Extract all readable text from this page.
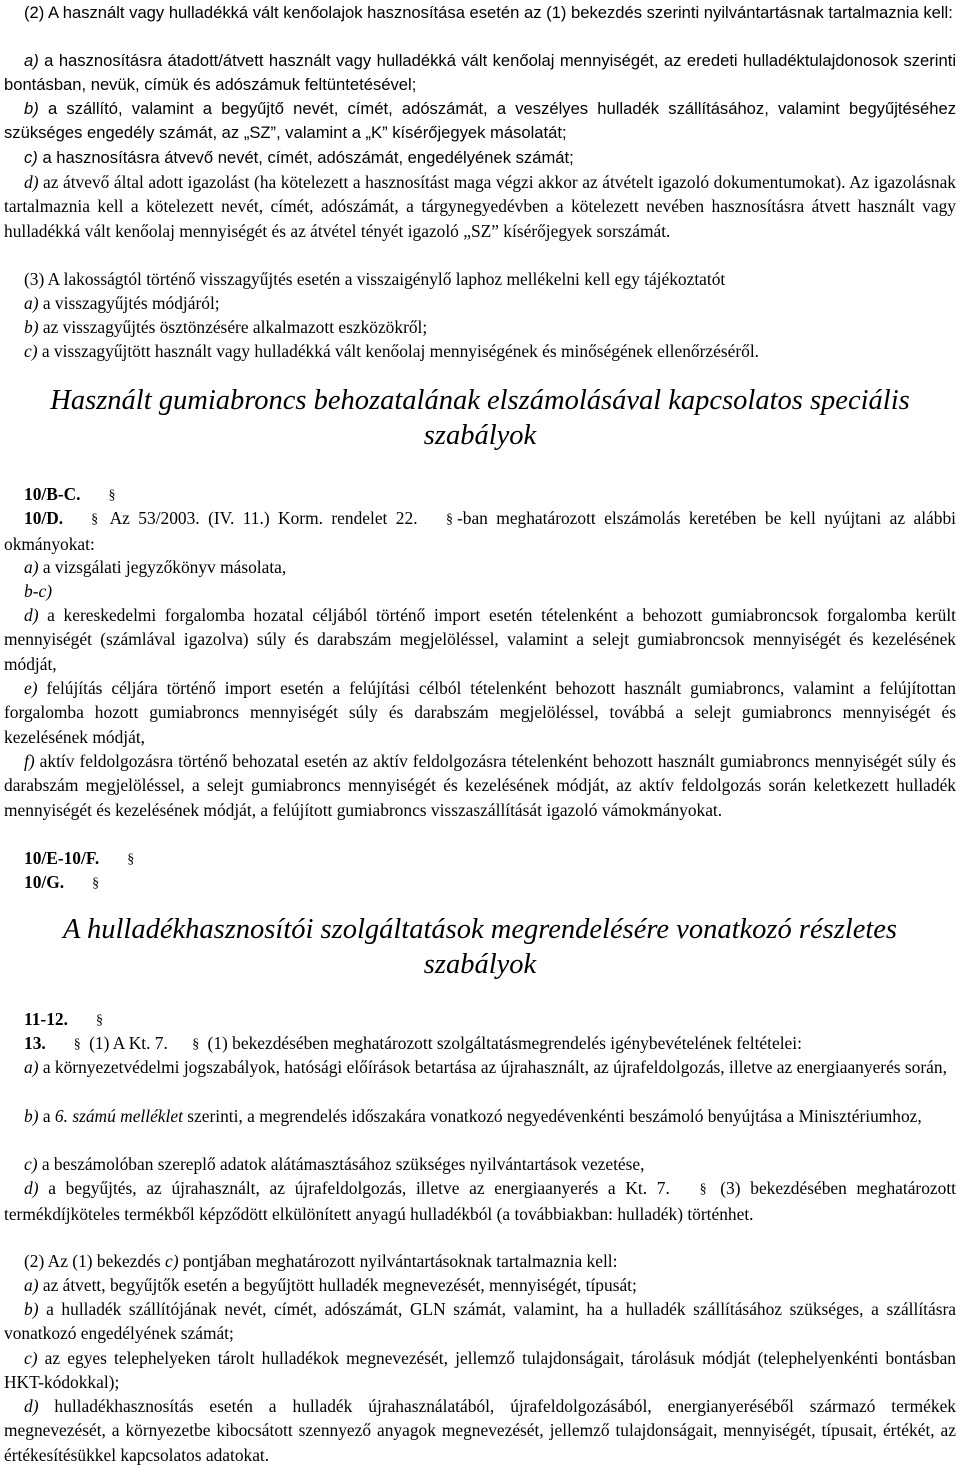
(2) A használt vagy hulladékká vált kenőolajok hasznosítása esetén az (1) bekezdés szerinti nyilvántartásnak tartalmaznia kell:
a) a hasznosításra átadott/átvett használt vagy hulladékká vált kenőolaj mennyiségét, az eredeti hulladéktulajdonosok szerinti bontásban, nevük, címük és adószámuk feltüntetésével;
b) a szállító, valamint a begyűjtő nevét, címét, adószámát, a veszélyes hulladék szállításához, valamint begyűjtéséhez szükséges engedély számát, az „SZ”, valamint a „K” kísérőjegyek másolatát;
c) a hasznosításra átvevő nevét, címét, adószámát, engedélyének számát;
d) az átvevő által adott igazolást (ha kötelezett a hasznosítást maga végzi akkor az átvételt igazoló dokumentumokat). Az igazolásnak tartalmaznia kell a kötelezett nevét, címét, adószámát, a tárgynegyedévben a kötelezett nevében hasznosításra átvett használt vagy hulladékká vált kenőolaj mennyiségét és az átvétel tényét igazoló „SZ” kísérőjegyek sorszámát.
(3) A lakosságtól történő visszagyűjtés esetén a visszaigénylő laphoz mellékelni kell egy tájékoztatót
a) a visszagyűjtés módjáról;
b) az visszagyűjtés ösztönzésére alkalmazott eszközökről;
c) a visszagyűjtött használt vagy hulladékká vált kenőolaj mennyiségének és minőségének ellenőrzéséről.
Használt gumiabroncs behozatalának elszámolásával kapcsolatos speciális
szabályok
10/B-C. §
10/D. § Az 53/2003. (IV. 11.) Korm. rendelet 22. § -ban meghatározott elszámolás keretében be kell nyújtani az alábbi okmányokat:
a) a vizsgálati jegyzőkönyv másolata,
b-c)
d) a kereskedelmi forgalomba hozatal céljából történő import esetén tételenként a behozott gumiabroncsok forgalomba került mennyiségét (számlával igazolva) súly és darabszám megjelöléssel, valamint a selejt gumiabroncsok mennyiségét és kezelésének módját,
e) felújítás céljára történő import esetén a felújítási célból tételenként behozott használt gumiabroncs, valamint a felújítottan forgalomba hozott gumiabroncs mennyiségét súly és darabszám megjelöléssel, továbbá a selejt gumiabroncs mennyiségét és kezelésének módját,
f) aktív feldolgozásra történő behozatal esetén az aktív feldolgozásra tételenként behozott használt gumiabroncs mennyiségét súly és darabszám megjelöléssel, a selejt gumiabroncs mennyiségét és kezelésének módját, az aktív feldolgozás során keletkezett hulladék mennyiségét és kezelésének módját, a felújított gumiabroncs visszaszállítását igazoló vámokmányokat.
10/E-10/F. §
10/G. §
A hulladékhasznosítói szolgáltatások megrendelésére vonatkozó részletes
szabályok
11-12. §
13. § (1) A Kt. 7. § (1) bekezdésében meghatározott szolgáltatásmegrendelés igénybevételének feltételei:
a) a környezetvédelmi jogszabályok, hatósági előírások betartása az újrahasznált, az újrafeldolgozás, illetve az energiaanyerés során,
b) a 6. számú melléklet szerinti, a megrendelés időszakára vonatkozó negyedévenkénti beszámoló benyújtása a Minisztériumhoz,
c) a beszámolóban szereplő adatok alátámasztásához szükséges nyilvántartások vezetése,
d) a begyűjtés, az újrahasznált, az újrafeldolgozás, illetve az energiaanyerés a Kt. 7. § (3) bekezdésében meghatározott termékdíjköteles termékből képződött elkülönített anyagú hulladékból (a továbbiakban: hulladék) történhet.
(2) Az (1) bekezdés c) pontjában meghatározott nyilvántartásoknak tartalmaznia kell:
a) az átvett, begyűjtők esetén a begyűjtött hulladék megnevezését, mennyiségét, típusát;
b) a hulladék szállítójának nevét, címét, adószámát, GLN számát, valamint, ha a hulladék szállításához szükséges, a szállításra vonatkozó engedélyének számát;
c) az egyes telephelyeken tárolt hulladékok megnevezését, jellemző tulajdonságait, tárolásuk módját (telephelyenkénti bontásban HKT-kódokkal);
d) hulladékhasznosítás esetén a hulladék újrahasználatából, újrafeldolgozásából, energianyeréséből származó termékek megnevezését, a környezetbe kibocsátott szennyező anyagok megnevezését, jellemző tulajdonságait, mennyiségét, típusait, értékét, az értékesítésükkel kapcsolatos adatokat.
